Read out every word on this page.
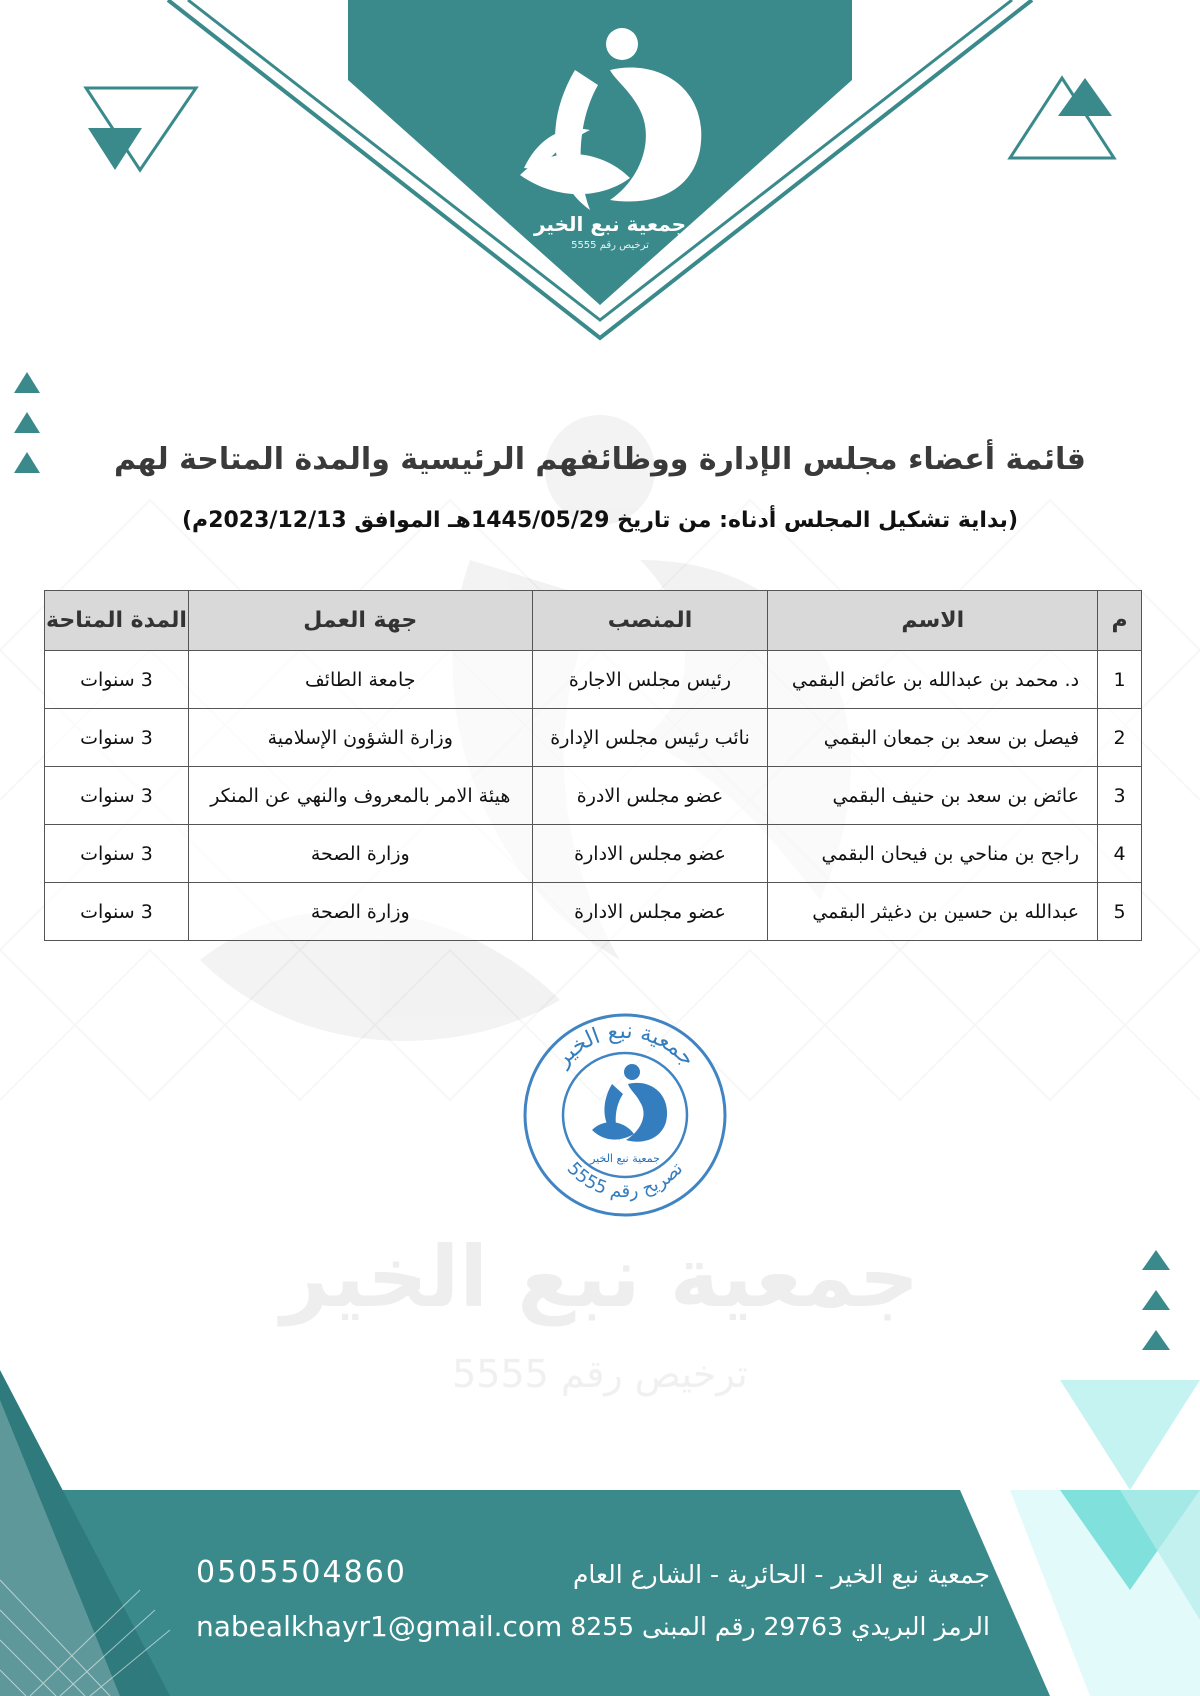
جمعية نبع الخير
ترخيص رقم 5555
جمعية نبع الخير
ترخيص رقم 5555
قائمة أعضاء مجلس الإدارة ووظائفهم الرئيسية والمدة المتاحة لهم
(بداية تشكيل المجلس أدناه: من تاريخ 1445/05/29هـ الموافق 2023/12/13م)
م	الاسم	المنصب	جهة العمل	المدة المتاحة
1	د. محمد بن عبدالله بن عائض البقمي	رئيس مجلس الاجارة	جامعة الطائف	3 سنوات
2	فيصل بن سعد بن جمعان البقمي	نائب رئيس مجلس الإدارة	وزارة الشؤون الإسلامية	3 سنوات
3	عائض بن سعد بن حنيف البقمي	عضو مجلس الادرة	هيئة الامر بالمعروف والنهي عن المنكر	3 سنوات
4	راجح بن مناحي بن فيحان البقمي	عضو مجلس الادارة	وزارة الصحة	3 سنوات
5	عبدالله بن حسين بن دغيثر البقمي	عضو مجلس الادارة	وزارة الصحة	3 سنوات
جمعية نبع الخير
تصريح رقم 5555
جمعية نبع الخير
0505504860
nabealkhayr1@gmail.com
جمعية نبع الخير - الحائرية - الشارع العام
الرمز البريدي 29763 رقم المبنى 8255
